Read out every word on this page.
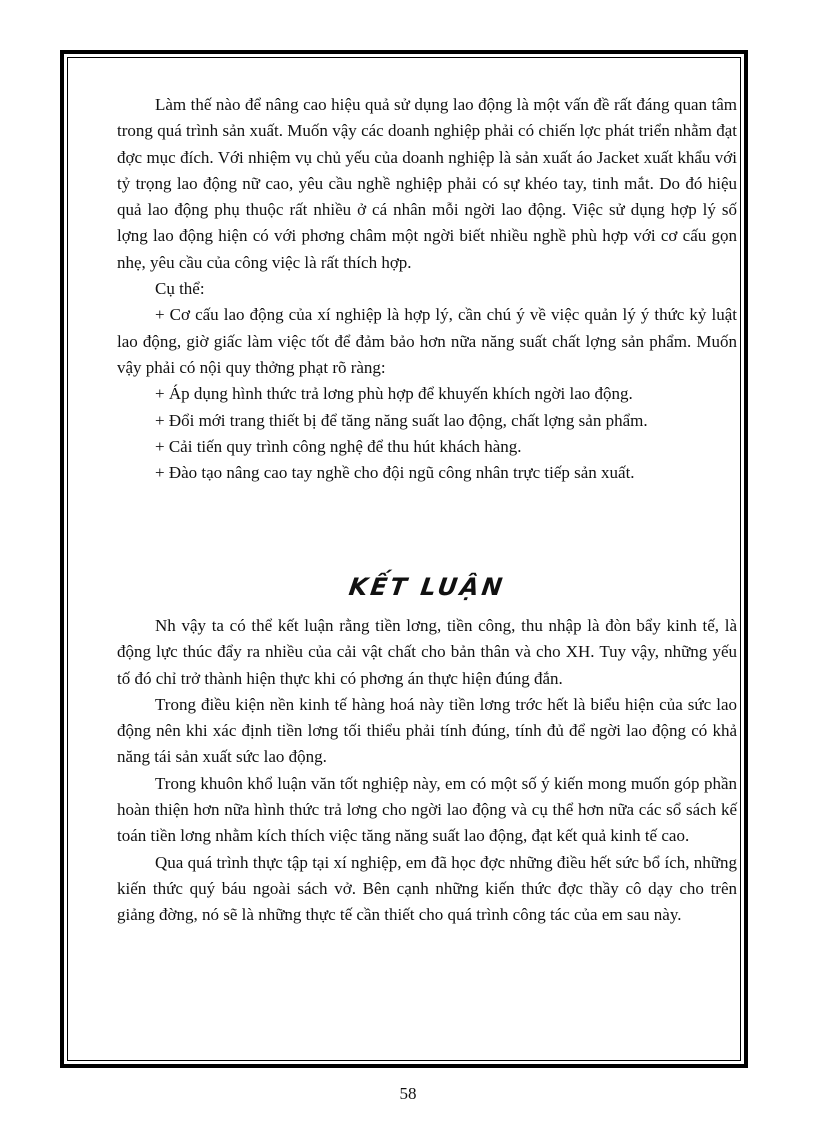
Làm thế nào để nâng cao hiệu quả sử dụng lao động là một vấn đề rất đáng quan tâm trong quá trình sản xuất. Muốn vậy các doanh nghiệp phải có chiến lợc phát triển nhằm đạt đợc mục đích. Với nhiệm vụ chủ yếu của doanh nghiệp là sản xuất áo Jacket xuất khẩu với tỷ trọng lao động nữ cao, yêu cầu nghề nghiệp phải có sự khéo tay, tinh mắt. Do đó hiệu quả lao động phụ thuộc rất nhiều ở cá nhân mỗi ngời lao động. Việc sử dụng hợp lý số lợng lao động hiện có với phơng châm một ngời biết nhiều nghề phù hợp với cơ cấu gọn nhẹ, yêu cầu của công việc là rất thích hợp.

Cụ thể:

+ Cơ cấu lao động của xí nghiệp là hợp lý, cần chú ý về việc quản lý ý thức kỷ luật lao động, giờ giấc làm việc tốt để đảm bảo hơn nữa năng suất chất lợng sản phẩm. Muốn vậy phải có nội quy thởng phạt rõ ràng:

+ Áp dụng hình thức trả lơng phù hợp để khuyến khích ngời lao động.

+ Đổi mới trang thiết bị để tăng năng suất lao động, chất lợng sản phẩm.

+ Cải tiến quy trình công nghệ để thu hút khách hàng.

+ Đào tạo nâng cao tay nghề cho đội ngũ công nhân trực tiếp sản xuất.

KẾT LUẬN

Nh vậy ta có thể kết luận rằng tiền lơng, tiền công, thu nhập là đòn bẩy kinh tế, là động lực thúc đẩy ra nhiều của cải vật chất cho bản thân và cho XH. Tuy vậy, những yếu tố đó chỉ trở thành hiện thực khi có phơng án thực hiện đúng đắn.

Trong điều kiện nền kinh tế hàng hoá này tiền lơng trớc hết là biểu hiện của sức lao động nên khi xác định tiền lơng tối thiểu phải tính đúng, tính đủ để ngời lao động có khả năng tái sản xuất sức lao động.

Trong khuôn khổ luận văn tốt nghiệp này, em có một số ý kiến mong muốn góp phần hoàn thiện hơn nữa hình thức trả lơng cho ngời lao động và cụ thể hơn nữa các sổ sách kế toán tiền lơng nhằm kích thích việc tăng năng suất lao động, đạt kết quả kinh tế cao.

Qua quá trình thực tập tại xí nghiệp, em đã học đợc những điều hết sức bổ ích, những kiến thức quý báu ngoài sách vở. Bên cạnh những kiến thức đợc thầy cô dạy cho trên giảng đờng, nó sẽ là những thực tế cần thiết cho quá trình công tác của em sau này.

58
